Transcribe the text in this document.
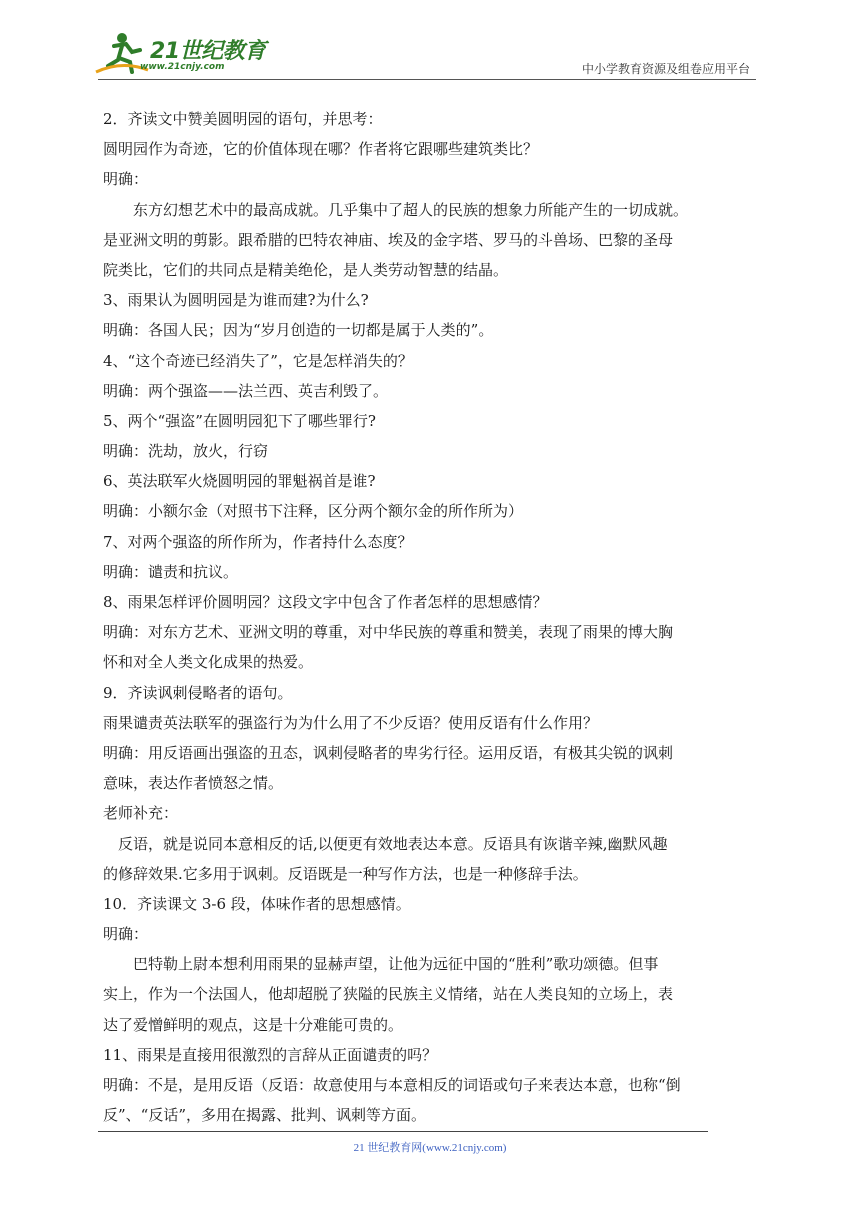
21世纪教育
www.21cnjy.com	中小学教育资源及组卷应用平台
2．齐读文中赞美圆明园的语句，并思考：
圆明园作为奇迹，它的价值体现在哪？作者将它跟哪些建筑类比？
明确：
东方幻想艺术中的最高成就。几乎集中了超人的民族的想象力所能产生的一切成就。
是亚洲文明的剪影。跟希腊的巴特农神庙、埃及的金字塔、罗马的斗兽场、巴黎的圣母
院类比，它们的共同点是精美绝伦，是人类劳动智慧的结晶。
3、雨果认为圆明园是为谁而建?为什么?
明确：各国人民；因为“岁月创造的一切都是属于人类的”。
4、“这个奇迹已经消失了”，它是怎样消失的？
明确：两个强盗——法兰西、英吉利毁了。
5、两个“强盗”在圆明园犯下了哪些罪行?
明确：洗劫，放火，行窃
6、英法联军火烧圆明园的罪魁祸首是谁?
明确：小额尔金（对照书下注释，区分两个额尔金的所作所为）
7、对两个强盗的所作所为，作者持什么态度？
明确：谴责和抗议。
8、雨果怎样评价圆明园？这段文字中包含了作者怎样的思想感情？
明确：对东方艺术、亚洲文明的尊重，对中华民族的尊重和赞美，表现了雨果的博大胸
怀和对全人类文化成果的热爱。
9．齐读讽刺侵略者的语句。
雨果谴责英法联军的强盗行为为什么用了不少反语？使用反语有什么作用？
明确：用反语画出强盗的丑态，讽刺侵略者的卑劣行径。运用反语，有极其尖锐的讽刺
意味，表达作者愤怒之情。
老师补充：
反语，就是说同本意相反的话,以便更有效地表达本意。反语具有诙谐辛辣,幽默风趣
的修辞效果.它多用于讽刺。反语既是一种写作方法，也是一种修辞手法。
10．齐读课文 3-6 段，体味作者的思想感情。
明确：
巴特勒上尉本想利用雨果的显赫声望，让他为远征中国的“胜利”歌功颂德。但事
实上，作为一个法国人，他却超脱了狭隘的民族主义情绪，站在人类良知的立场上，表
达了爱憎鲜明的观点，这是十分难能可贵的。
11、雨果是直接用很激烈的言辞从正面谴责的吗？
明确：不是，是用反语（反语：故意使用与本意相反的词语或句子来表达本意，也称“倒
反”、“反话”，多用在揭露、批判、讽刺等方面。
21 世纪教育网(www.21cnjy.com)
